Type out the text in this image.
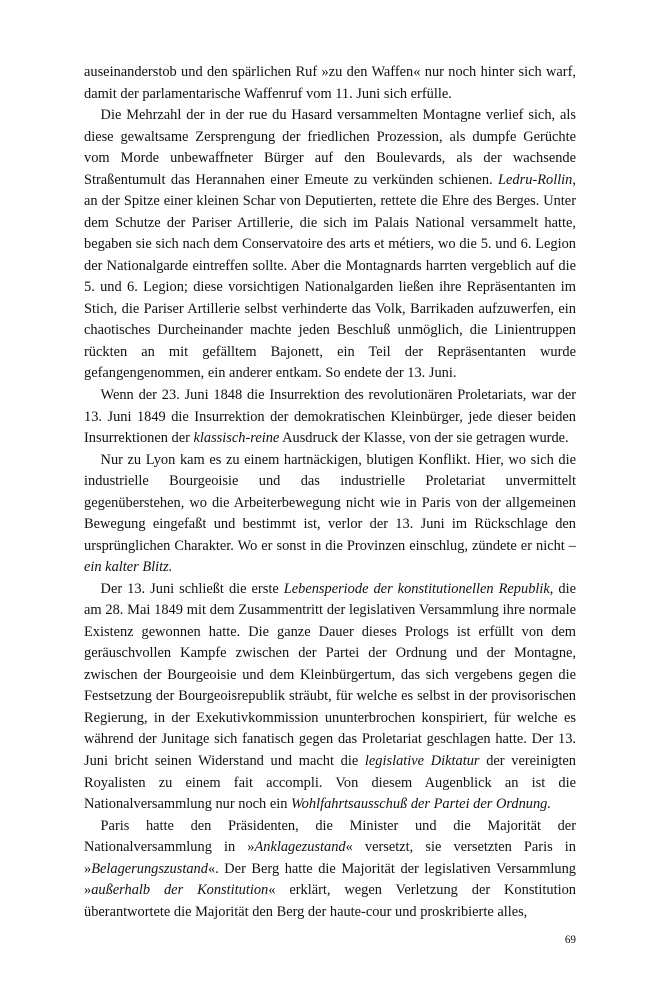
auseinanderstob und den spärlichen Ruf »zu den Waffen« nur noch hinter sich warf, damit der parlamentarische Waffenruf vom 11. Juni sich erfülle.

Die Mehrzahl der in der rue du Hasard versammelten Montagne verlief sich, als diese gewaltsame Zersprengung der friedlichen Prozession, als dumpfe Gerüchte vom Morde unbewaffneter Bürger auf den Boulevards, als der wachsende Straßentumult das Herannahen einer Emeute zu verkünden schienen. Ledru-Rollin, an der Spitze einer kleinen Schar von Deputierten, rettete die Ehre des Berges. Unter dem Schutze der Pariser Artillerie, die sich im Palais National versammelt hatte, begaben sie sich nach dem Conservatoire des arts et métiers, wo die 5. und 6. Legion der Nationalgarde eintreffen sollte. Aber die Montagnards harrten vergeblich auf die 5. und 6. Legion; diese vorsichtigen Nationalgarden ließen ihre Repräsentanten im Stich, die Pariser Artillerie selbst verhinderte das Volk, Barrikaden aufzuwerfen, ein chaotisches Durcheinander machte jeden Beschluß unmöglich, die Linientruppen rückten an mit gefälltem Bajonett, ein Teil der Repräsentanten wurde gefangengenommen, ein anderer entkam. So endete der 13. Juni.

Wenn der 23. Juni 1848 die Insurrektion des revolutionären Proletariats, war der 13. Juni 1849 die Insurrektion der demokratischen Kleinbürger, jede dieser beiden Insurrektionen der klassisch-reine Ausdruck der Klasse, von der sie getragen wurde.

Nur zu Lyon kam es zu einem hartnäckigen, blutigen Konflikt. Hier, wo sich die industrielle Bourgeoisie und das industrielle Proletariat unvermittelt gegenüberstehen, wo die Arbeiterbewegung nicht wie in Paris von der allgemeinen Bewegung eingefaßt und bestimmt ist, verlor der 13. Juni im Rückschlage den ursprünglichen Charakter. Wo er sonst in die Provinzen einschlug, zündete er nicht – ein kalter Blitz.

Der 13. Juni schließt die erste Lebensperiode der konstitutionellen Republik, die am 28. Mai 1849 mit dem Zusammentritt der legislativen Versammlung ihre normale Existenz gewonnen hatte. Die ganze Dauer dieses Prologs ist erfüllt von dem geräuschvollen Kampfe zwischen der Partei der Ordnung und der Montagne, zwischen der Bourgeoisie und dem Kleinbürgertum, das sich vergebens gegen die Festsetzung der Bourgeoisrepublik sträubt, für welche es selbst in der provisorischen Regierung, in der Exekutivkommission ununterbrochen konspiriert, für welche es während der Junitage sich fanatisch gegen das Proletariat geschlagen hatte. Der 13. Juni bricht seinen Widerstand und macht die legislative Diktatur der vereinigten Royalisten zu einem fait accompli. Von diesem Augenblick an ist die Nationalversammlung nur noch ein Wohlfahrtsausschuß der Partei der Ordnung.

Paris hatte den Präsidenten, die Minister und die Majorität der Nationalversammlung in »Anklagezustand« versetzt, sie versetzten Paris in »Belagerungszustand«. Der Berg hatte die Majorität der legislativen Versammlung »außerhalb der Konstitution« erklärt, wegen Verletzung der Konstitution überantwortete die Majorität den Berg der haute-cour und proskribierte alles,

69
